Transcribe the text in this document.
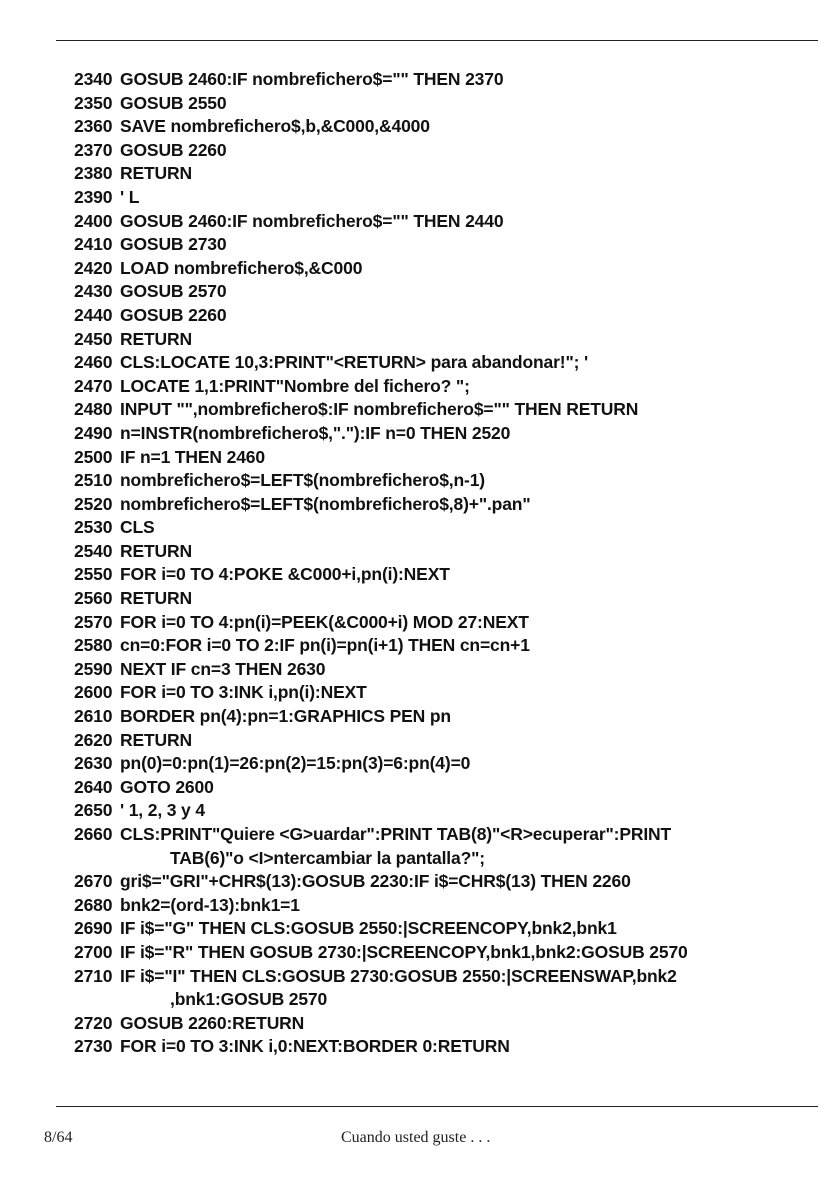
2340 GOSUB 2460:IF nombrefichero$="" THEN 2370
2350 GOSUB 2550
2360 SAVE nombrefichero$,b,&C000,&4000
2370 GOSUB 2260
2380 RETURN
2390 ' L
2400 GOSUB 2460:IF nombrefichero$="" THEN 2440
2410 GOSUB 2730
2420 LOAD nombrefichero$,&C000
2430 GOSUB 2570
2440 GOSUB 2260
2450 RETURN
2460 CLS:LOCATE 10,3:PRINT"<RETURN> para abandonar!"; '
2470 LOCATE 1,1:PRINT"Nombre del fichero? ";
2480 INPUT "",nombrefichero$:IF nombrefichero$="" THEN RETURN
2490 n=INSTR(nombrefichero$,"."):IF n=0 THEN 2520
2500 IF n=1 THEN 2460
2510 nombrefichero$=LEFT$(nombrefichero$,n-1)
2520 nombrefichero$=LEFT$(nombrefichero$,8)+".pan"
2530 CLS
2540 RETURN
2550 FOR i=0 TO 4:POKE &C000+i,pn(i):NEXT
2560 RETURN
2570 FOR i=0 TO 4:pn(i)=PEEK(&C000+i) MOD 27:NEXT
2580 cn=0:FOR i=0 TO 2:IF pn(i)=pn(i+1) THEN cn=cn+1
2590 NEXT IF cn=3 THEN 2630
2600 FOR i=0 TO 3:INK i,pn(i):NEXT
2610 BORDER pn(4):pn=1:GRAPHICS PEN pn
2620 RETURN
2630 pn(0)=0:pn(1)=26:pn(2)=15:pn(3)=6:pn(4)=0
2640 GOTO 2600
2650 ' 1, 2, 3 y 4
2660 CLS:PRINT"Quiere <G>uardar":PRINT TAB(8)"<R>ecuperar":PRINT
TAB(6)"o <I>ntercambiar la pantalla?";
2670 gri$="GRI"+CHR$(13):GOSUB 2230:IF i$=CHR$(13) THEN 2260
2680 bnk2=(ord-13):bnk1=1
2690 IF i$="G" THEN CLS:GOSUB 2550:|SCREENCOPY,bnk2,bnk1
2700 IF i$="R" THEN GOSUB 2730:|SCREENCOPY,bnk1,bnk2:GOSUB 2570
2710 IF i$="I" THEN CLS:GOSUB 2730:GOSUB 2550:|SCREENSWAP,bnk2
,bnk1:GOSUB 2570
2720 GOSUB 2260:RETURN
2730 FOR i=0 TO 3:INK i,0:NEXT:BORDER 0:RETURN
8/64	Cuando usted guste . . .
